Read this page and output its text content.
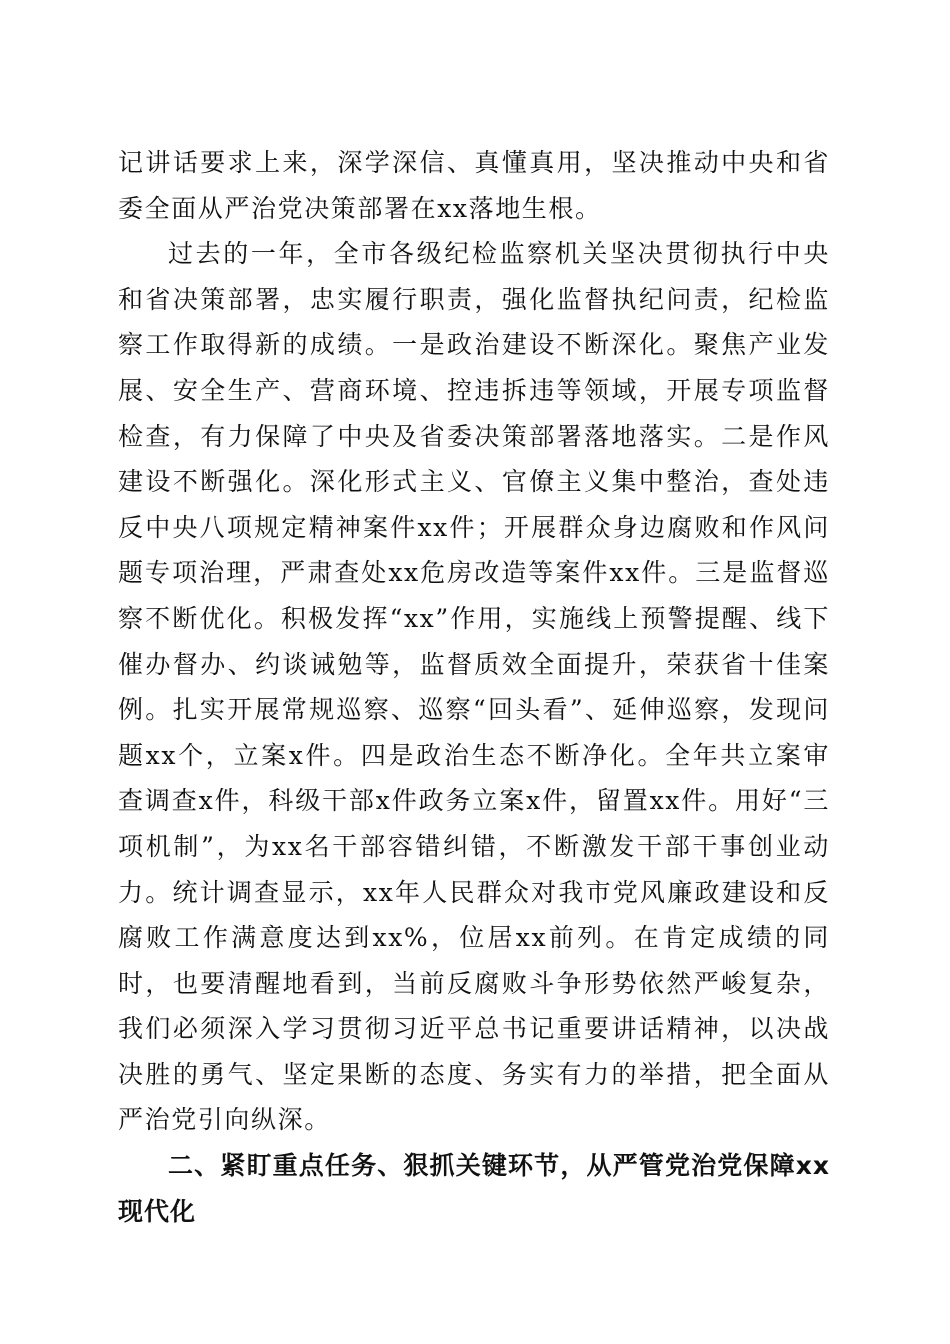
记讲话要求上来，深学深信、真懂真用，坚决推动中央和省委全面从严治党决策部署在xx落地生根。

过去的一年，全市各级纪检监察机关坚决贯彻执行中央和省决策部署，忠实履行职责，强化监督执纪问责，纪检监察工作取得新的成绩。一是政治建设不断深化。聚焦产业发展、安全生产、营商环境、控违拆违等领域，开展专项监督检查，有力保障了中央及省委决策部署落地落实。二是作风建设不断强化。深化形式主义、官僚主义集中整治，查处违反中央八项规定精神案件xx件；开展群众身边腐败和作风问题专项治理，严肃查处xx危房改造等案件xx件。三是监督巡察不断优化。积极发挥“xx”作用，实施线上预警提醒、线下催办督办、约谈诫勉等，监督质效全面提升，荣获省十佳案例。扎实开展常规巡察、巡察“回头看”、延伸巡察，发现问题xx个，立案x件。四是政治生态不断净化。全年共立案审查调查x件，科级干部x件政务立案x件，留置xx件。用好“三项机制”，为xx名干部容错纠错，不断激发干部干事创业动力。统计调查显示，xx年人民群众对我市党风廉政建设和反腐败工作满意度达到xx%，位居xx前列。在肯定成绩的同时，也要清醒地看到，当前反腐败斗争形势依然严峻复杂，我们必须深入学习贯彻习近平总书记重要讲话精神，以决战决胜的勇气、坚定果断的态度、务实有力的举措，把全面从严治党引向纵深。

二、紧盯重点任务、狠抓关键环节，从严管党治党保障xx现代化
